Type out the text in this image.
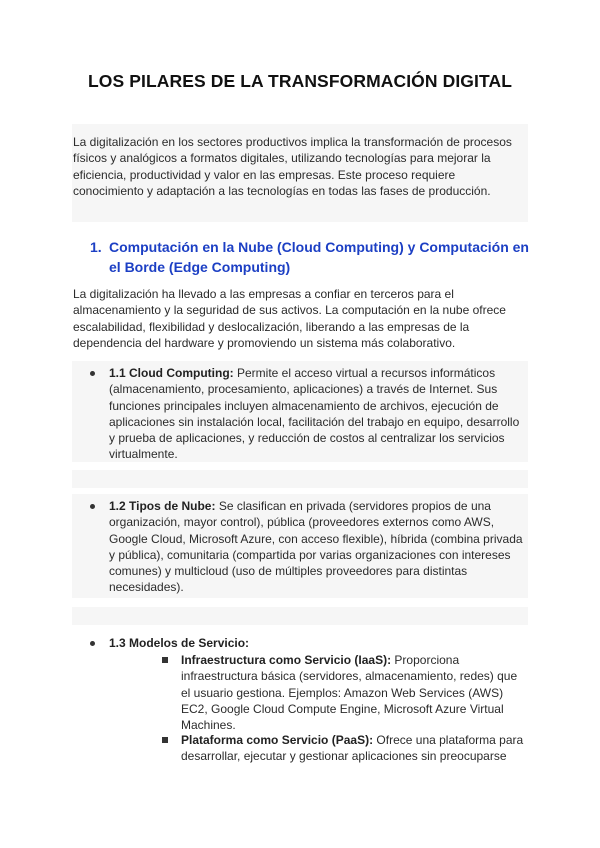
LOS PILARES DE LA TRANSFORMACIÓN DIGITAL
La digitalización en los sectores productivos implica la transformación de procesos físicos y analógicos a formatos digitales, utilizando tecnologías para mejorar la eficiencia, productividad y valor en las empresas. Este proceso requiere conocimiento y adaptación a las tecnologías en todas las fases de producción.
1. Computación en la Nube (Cloud Computing) y Computación en el Borde (Edge Computing)
La digitalización ha llevado a las empresas a confiar en terceros para el almacenamiento y la seguridad de sus activos. La computación en la nube ofrece escalabilidad, flexibilidad y deslocalización, liberando a las empresas de la dependencia del hardware y promoviendo un sistema más colaborativo.
1.1 Cloud Computing: Permite el acceso virtual a recursos informáticos (almacenamiento, procesamiento, aplicaciones) a través de Internet. Sus funciones principales incluyen almacenamiento de archivos, ejecución de aplicaciones sin instalación local, facilitación del trabajo en equipo, desarrollo y prueba de aplicaciones, y reducción de costos al centralizar los servicios virtualmente.
1.2 Tipos de Nube: Se clasifican en privada (servidores propios de una organización, mayor control), pública (proveedores externos como AWS, Google Cloud, Microsoft Azure, con acceso flexible), híbrida (combina privada y pública), comunitaria (compartida por varias organizaciones con intereses comunes) y multicloud (uso de múltiples proveedores para distintas necesidades).
1.3 Modelos de Servicio:
Infraestructura como Servicio (IaaS): Proporciona infraestructura básica (servidores, almacenamiento, redes) que el usuario gestiona. Ejemplos: Amazon Web Services (AWS) EC2, Google Cloud Compute Engine, Microsoft Azure Virtual Machines.
Plataforma como Servicio (PaaS): Ofrece una plataforma para desarrollar, ejecutar y gestionar aplicaciones sin preocuparse
